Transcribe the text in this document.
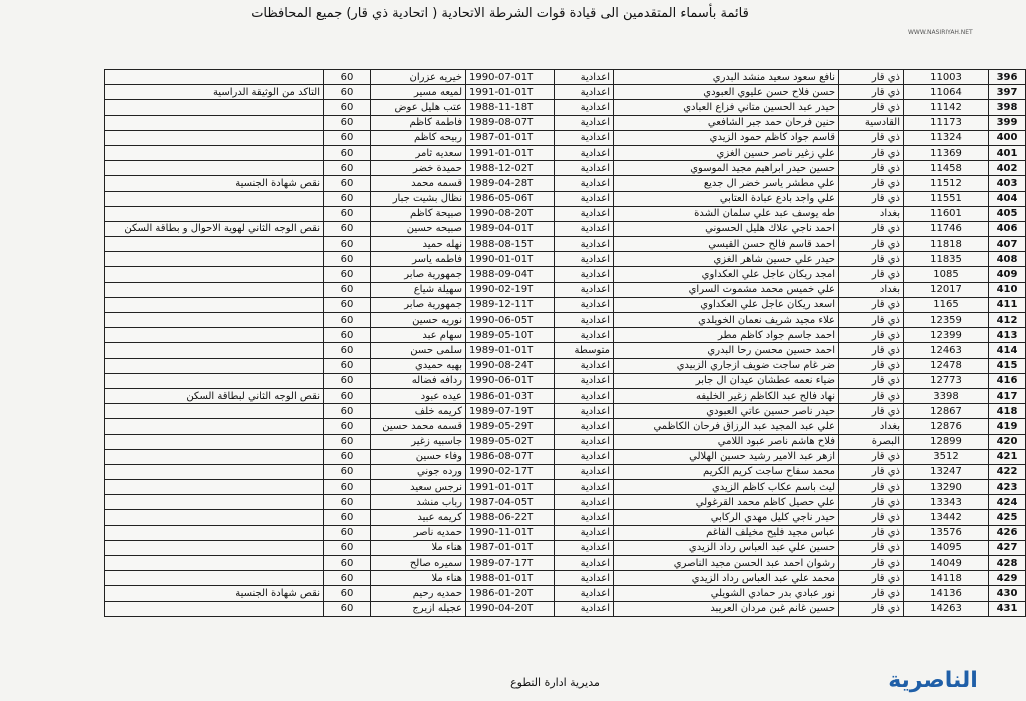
قائمة بأسماء المتقدمين الى قيادة قوات الشرطة الاتحادية ( اتحادية ذي قار) جميع المحافظات
WWW.NASIRIYAH.NET
396	11003	ذي قار	نافع سعود سعيد منشد البدري	اعدادية	1990-07-01T	خيريه عزران	60	
397	11064	ذي قار	حسن فلاح حسن عليوي العبودي	اعدادية	1991-01-01T	لميعه مسير	60	التاكد من الوثيقة الدراسية
398	11142	ذي قار	حيدر عبد الحسين متاني فزاع العبادي	اعدادية	1988-11-18T	عتب هليل عوض	60	
399	11173	القادسية	حنين فرحان حمد جبر الشافعي	اعدادية	1989-08-07T	فاطمة كاظم	60	
400	11324	ذي قار	قاسم جواد كاظم حمود الزيدي	اعدادية	1987-01-01T	ربيحه كاظم	60	
401	11369	ذي قار	علي زغير ناصر حسين الغزي	اعدادية	1991-01-01T	سعديه ثامر	60	
402	11458	ذي قار	حسين حيدر ابراهيم مجيد الموسوي	اعدادية	1988-12-02T	حميدة خضر	60	
403	11512	ذي قار	علي مطشر ياسر خضر ال جديع	اعدادية	1989-04-28T	قسمه محمد	60	نقص شهادة الجنسية
404	11551	ذي قار	علي واجد بادع عبادة العتابي	اعدادية	1986-05-06T	نظال بشيت جبار	60	
405	11601	بغداد	طه يوسف عبد علي سلمان الشدة	اعدادية	1990-08-20T	صبيحة كاظم	60	
406	11746	ذي قار	احمد ناجي علاك هليل الحسوني	اعدادية	1989-04-01T	صبيحه حسين	60	نقص الوجه الثاني لهوية الاحوال و بطاقة السكن
407	11818	ذي قار	احمد قاسم فالح حسن القيسي	اعدادية	1988-08-15T	نهله حميد	60	
408	11835	ذي قار	حيدر علي حسين شاهر الغزي	اعدادية	1990-01-01T	فاطمه ياسر	60	
409	1085	ذي قار	امجد ريكان عاجل علي العكداوي	اعدادية	1988-09-04T	جمهورية صابر	60	
410	12017	بغداد	علي خميس محمد مشموت السراي	اعدادية	1990-02-19T	سهيلة شياع	60	
411	1165	ذي قار	اسعد ريكان عاجل علي العكداوي	اعدادية	1989-12-11T	جمهورية صابر	60	
412	12359	ذي قار	علاء مجيد شريف نعمان الخويلدي	اعدادية	1990-06-05T	نوريه حسين	60	
413	12399	ذي قار	احمد جاسم جواد كاظم مطر	اعدادية	1989-05-10T	سهام عبد	60	
414	12463	ذي قار	احمد حسين محسن رحا البدري	متوسطة	1989-01-01T	سلمى حسن	60	
415	12478	ذي قار	ضر غام ساجت ضويف ازجاري الزبيدي	اعدادية	1990-08-24T	بهيه حميدي	60	
416	12773	ذي قار	ضياء نعمه عطشان عيدان ال جابر	اعدادية	1990-06-01T	ردافه فضاله	60	
417	3398	ذي قار	نهاد فالح عبد الكاظم زغير الخليفه	اعدادية	1986-01-03T	عيده عبود	60	نقص الوجه الثاني لبطاقة السكن
418	12867	ذي قار	حيدر ناصر حسين عاتي العبودي	اعدادية	1989-07-19T	كريمه خلف	60	
419	12876	بغداد	علي عبد المجيد عبد الرزاق فرحان الكاظمي	اعدادية	1989-05-29T	قسمه محمد حسين	60	
420	12899	البصرة	فلاح هاشم ناصر عبود اللامي	اعدادية	1989-05-02T	جاسبيه زغير	60	
421	3512	ذي قار	ازهر عبد الامير رشيد حسين الهلالي	اعدادية	1986-08-07T	وفاء حسين	60	
422	13247	ذي قار	محمد سفاح ساجت كريم الكريم	اعدادية	1990-02-17T	ورده جوني	60	
423	13290	ذي قار	ليث باسم عكاب كاظم الزيدي	اعدادية	1991-01-01T	نرجس سعيد	60	
424	13343	ذي قار	علي حصيل كاظم محمد القرغولي	اعدادية	1987-04-05T	رباب منشد	60	
425	13442	ذي قار	حيدر ناجي كليل مهدي الركابي	اعدادية	1988-06-22T	كريمه عبيد	60	
426	13576	ذي قار	عباس مجيد فليح مخيلف الفاغم	اعدادية	1990-11-01T	حمديه ناصر	60	
427	14095	ذي قار	حسين علي عبد العباس رداد الزيدي	اعدادية	1987-01-01T	هناء ملا	60	
428	14049	ذي قار	رشوان احمد عبد الحسن مجيد الناصري	اعدادية	1989-07-17T	سميره صالح	60	
429	14118	ذي قار	محمد علي عبد العباس رداد الزيدي	اعدادية	1988-01-01T	هناء ملا	60	
430	14136	ذي قار	نور عبادي بدر حمادي الشويلي	اعدادية	1986-01-20T	حمديه رحيم	60	نقص شهادة الجنسية
431	14263	ذي قار	حسين غانم غبن مردان العريبد	اعدادية	1990-04-20T	عجيله ازيرج	60	
مديرية ادارة التطوع	الناصرية
